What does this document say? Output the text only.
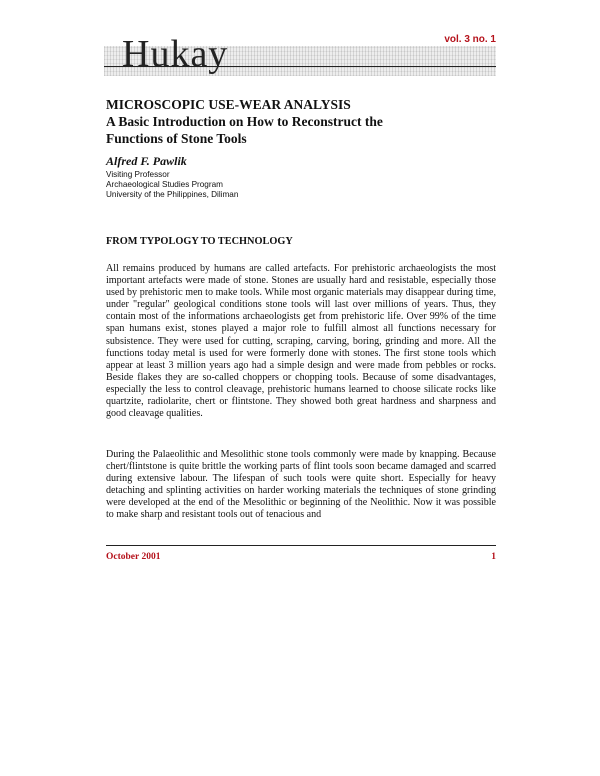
Hukay	vol. 3 no. 1
MICROSCOPIC USE-WEAR ANALYSIS
A Basic Introduction on How to Reconstruct the
Functions of Stone Tools
Alfred F. Pawlik
Visiting Professor
Archaeological Studies Program
University of the Philippines, Diliman
FROM TYPOLOGY TO TECHNOLOGY

All remains produced by humans are called artefacts. For prehistoric archaeologists the most important artefacts were made of stone. Stones are usually hard and resistable, especially those used by prehistoric men to make tools. While most organic materials may disappear during time, under "regular" geological conditions stone tools will last over millions of years. Thus, they contain most of the informations archaeologists get from prehistoric life. Over 99% of the time span humans exist, stones played a major role to fulfill almost all functions necessary for subsistence. They were used for cutting, scraping, carving, boring, grinding and more. All the functions today metal is used for were formerly done with stones. The first stone tools which appear at least 3 million years ago had a simple design and were made from pebbles or rocks. Beside flakes they are so-called choppers or chopping tools. Because of some disadvantages, especially the less to control cleavage, prehistoric humans learned to choose silicate rocks like quartzite, radiolarite, chert or flintstone. They showed both great hardness and sharpness and good cleavage qualities.

During the Palaeolithic and Mesolithic stone tools commonly were made by knapping. Because chert/flintstone is quite brittle the working parts of flint tools soon became damaged and scarred during extensive labour. The lifespan of such tools were quite short. Especially for heavy detaching and splinting activities on harder working materials the techniques of stone grinding were developed at the end of the Mesolithic or beginning of the Neolithic. Now it was possible to make sharp and resistant tools out of tenacious and

October 2001	1
